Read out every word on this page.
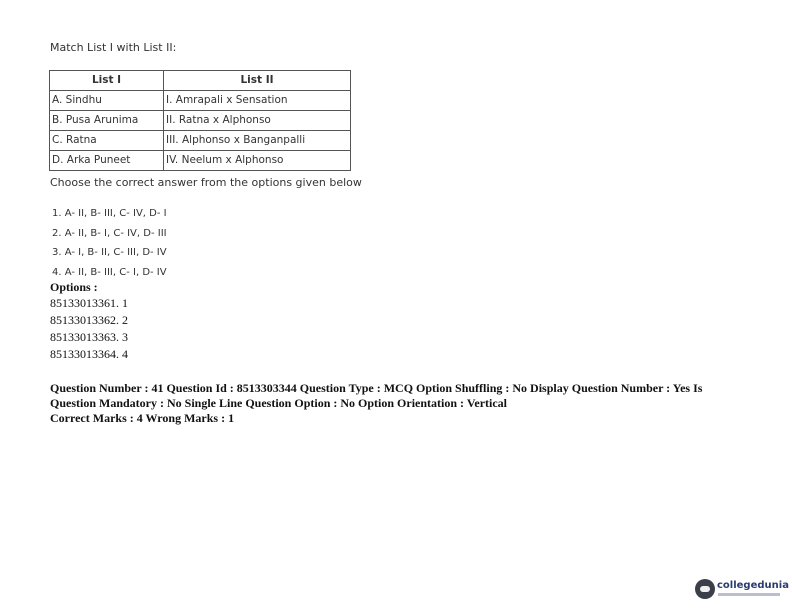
Match List I with List II:
List I	List II
A. Sindhu	I. Amrapali x Sensation
B. Pusa Arunima	II. Ratna x Alphonso
C. Ratna	III. Alphonso x Banganpalli
D. Arka Puneet	IV. Neelum x Alphonso
Choose the correct answer from the options given below
1. A- II, B- III, C- IV, D- I
2. A- II, B- I, C- IV, D- III
3. A- I, B- II, C- III, D- IV
4. A- II, B- III, C- I, D- IV
Options :
85133013361. 1
85133013362. 2
85133013363. 3
85133013364. 4
Question Number : 41 Question Id : 8513303344 Question Type : MCQ Option Shuffling : No Display Question Number : Yes Is
Question Mandatory : No Single Line Question Option : No Option Orientation : Vertical
Correct Marks : 4 Wrong Marks : 1
collegedunia
